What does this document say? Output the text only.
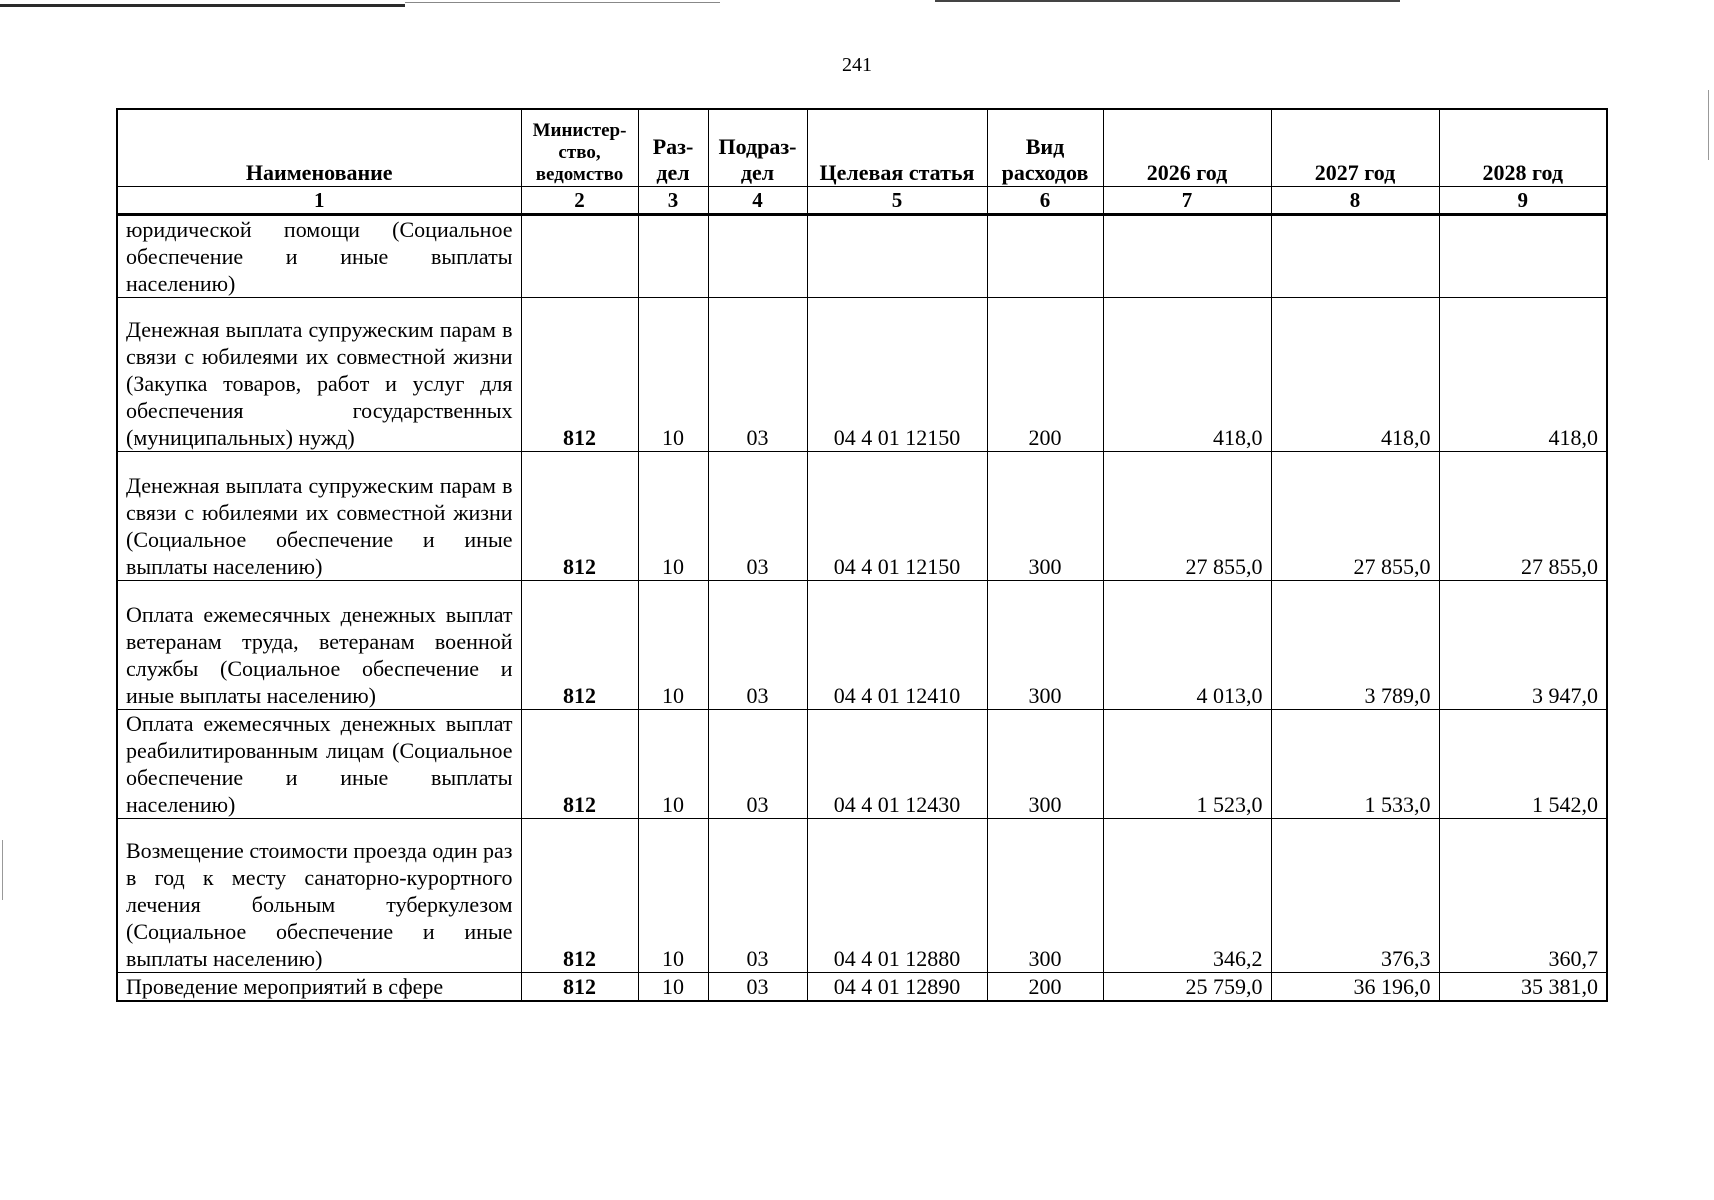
241
Наименование	Министер-ство, ведомство	Раз-дел	Подраз-дел	Целевая статья	Вид расходов	2026 год	2027 год	2028 год
1	2	3	4	5	6	7	8	9
юридической помощи (Социальное обеспечение и иные выплаты населению)								
Денежная выплата супружеским парам в связи с юбилеями их совместной жизни (Закупка товаров, работ и услуг для обеспечения государственных (муниципальных) нужд)	812	10	03	04 4 01 12150	200	418,0	418,0	418,0
Денежная выплата супружеским парам в связи с юбилеями их совместной жизни (Социальное обеспечение и иные выплаты населению)	812	10	03	04 4 01 12150	300	27 855,0	27 855,0	27 855,0
Оплата ежемесячных денежных выплат ветеранам труда, ветеранам военной службы (Социальное обеспечение и иные выплаты населению)	812	10	03	04 4 01 12410	300	4 013,0	3 789,0	3 947,0
Оплата ежемесячных денежных выплат реабилитированным лицам (Социальное обеспечение и иные выплаты населению)	812	10	03	04 4 01 12430	300	1 523,0	1 533,0	1 542,0
Возмещение стоимости проезда один раз в год к месту санаторно-курортного лечения больным туберкулезом (Социальное обеспечение и иные выплаты населению)	812	10	03	04 4 01 12880	300	346,2	376,3	360,7
Проведение мероприятий в сфере	812	10	03	04 4 01 12890	200	25 759,0	36 196,0	35 381,0
